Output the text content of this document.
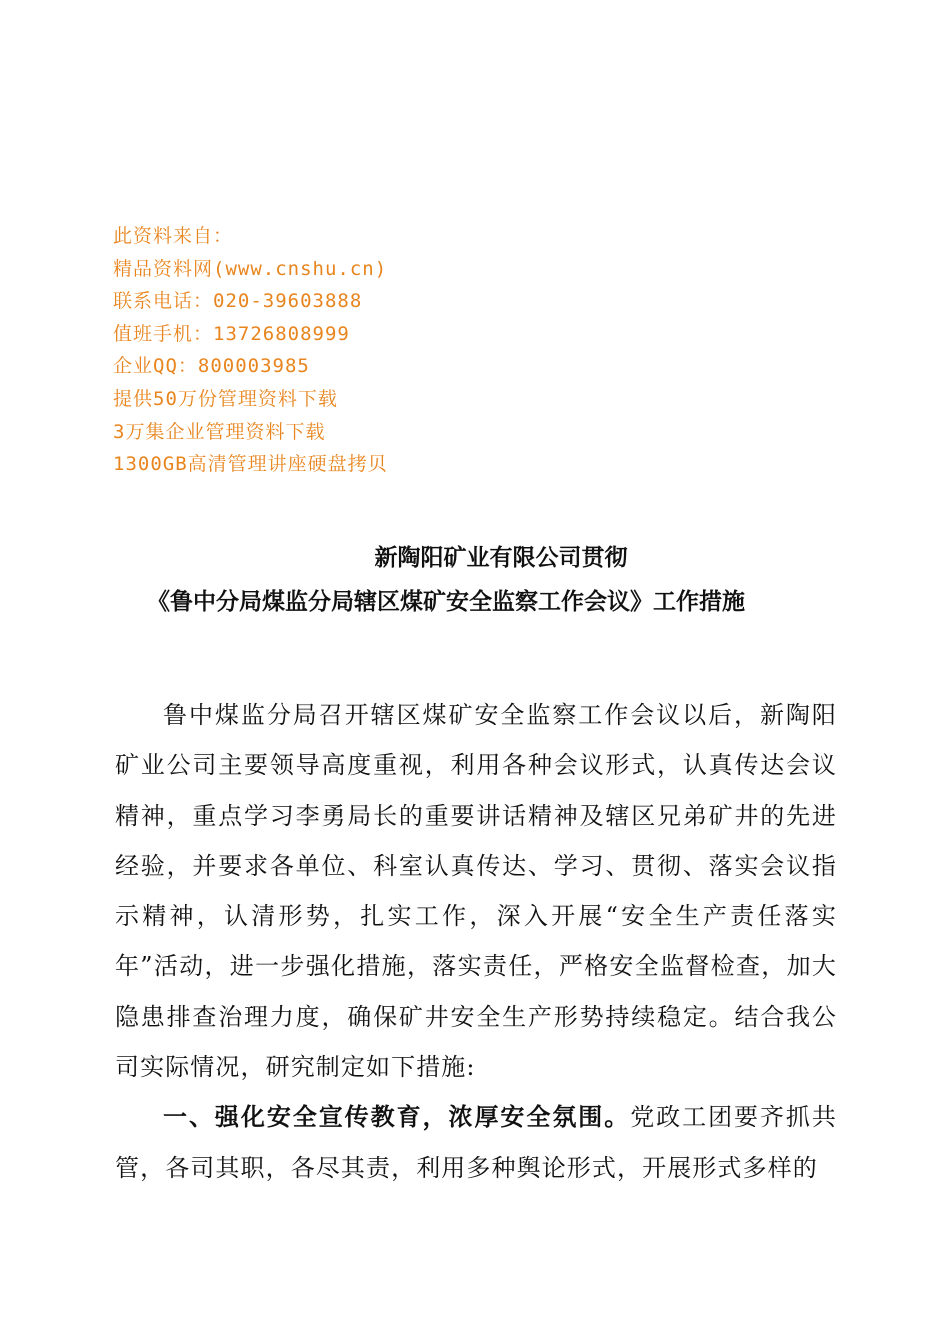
此资料来自：
精品资料网(www.cnshu.cn)
联系电话：020-39603888
值班手机：13726808999
企业QQ：800003985
提供50万份管理资料下载
3万集企业管理资料下载
1300GB高清管理讲座硬盘拷贝
新陶阳矿业有限公司贯彻
《鲁中分局煤监分局辖区煤矿安全监察工作会议》工作措施

鲁中煤监分局召开辖区煤矿安全监察工作会议以后，新陶阳矿业公司主要领导高度重视，利用各种会议形式，认真传达会议精神，重点学习李勇局长的重要讲话精神及辖区兄弟矿井的先进经验，并要求各单位、科室认真传达、学习、贯彻、落实会议指示精神，认清形势，扎实工作，深入开展“安全生产责任落实年”活动，进一步强化措施，落实责任，严格安全监督检查，加大隐患排查治理力度，确保矿井安全生产形势持续稳定。结合我公司实际情况，研究制定如下措施:

一、强化安全宣传教育，浓厚安全氛围。党政工团要齐抓共管，各司其职，各尽其责，利用多种舆论形式，开展形式多样的
